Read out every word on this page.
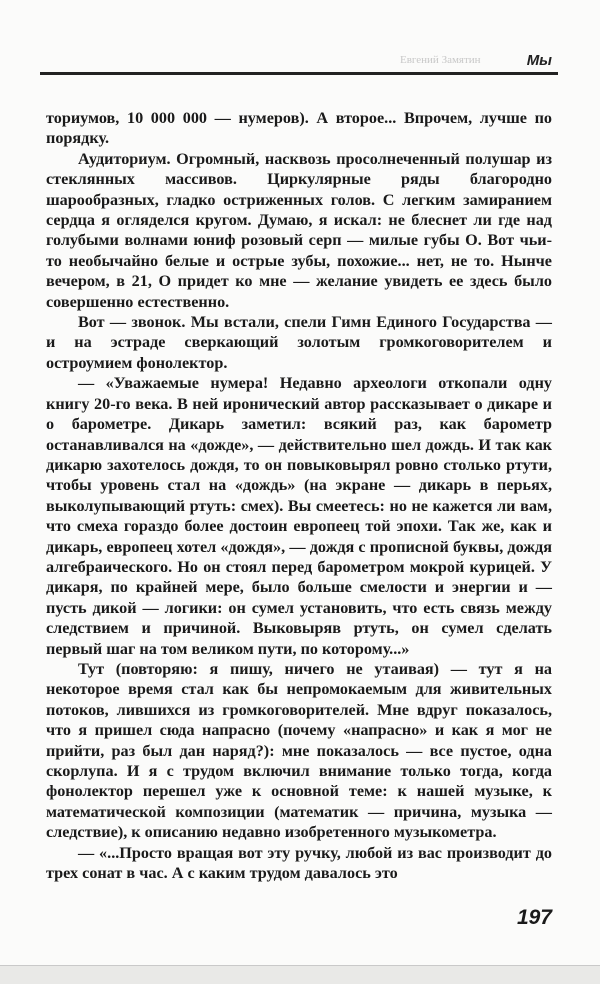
Евгений Замятин	Мы

ториумов, 10 000 000 — нумеров). А второе... Впрочем, лучше по порядку.

Аудиториум. Огромный, насквозь просолнеченный полушар из стеклянных массивов. Циркулярные ряды благородно шарообразных, гладко остриженных голов. С легким замиранием сердца я огляделся кругом. Думаю, я искал: не блеснет ли где над голубыми волнами юниф розовый серп — милые губы О. Вот чьи-то необычайно белые и острые зубы, похожие... нет, не то. Нынче вечером, в 21, О придет ко мне — желание увидеть ее здесь было совершенно естественно.

Вот — звонок. Мы встали, спели Гимн Единого Государства — и на эстраде сверкающий золотым громкоговорителем и остроумием фонолектор.

— «Уважаемые нумера! Недавно археологи откопали одну книгу 20-го века. В ней иронический автор рассказывает о дикаре и о барометре. Дикарь заметил: всякий раз, как барометр останавливался на «дожде», — действительно шел дождь. И так как дикарю захотелось дождя, то он повыковырял ровно столько ртути, чтобы уровень стал на «дождь» (на экране — дикарь в перьях, выколупывающий ртуть: смех). Вы смеетесь: но не кажется ли вам, что смеха гораздо более достоин европеец той эпохи. Так же, как и дикарь, европеец хотел «дождя», — дождя с прописной буквы, дождя алгебраического. Но он стоял перед барометром мокрой курицей. У дикаря, по крайней мере, было больше смелости и энергии и — пусть дикой — логики: он сумел установить, что есть связь между следствием и причиной. Выковыряв ртуть, он сумел сделать первый шаг на том великом пути, по которому...»

Тут (повторяю: я пишу, ничего не утаивая) — тут я на некоторое время стал как бы непромокаемым для живительных потоков, лившихся из громкоговорителей. Мне вдруг показалось, что я пришел сюда напрасно (почему «напрасно» и как я мог не прийти, раз был дан наряд?): мне показалось — все пустое, одна скорлупа. И я с трудом включил внимание только тогда, когда фонолектор перешел уже к основной теме: к нашей музыке, к математической композиции (математик — причина, музыка — следствие), к описанию недавно изобретенного музыкометра.

— «...Просто вращая вот эту ручку, любой из вас производит до трех сонат в час. А с каким трудом давалось это

197
